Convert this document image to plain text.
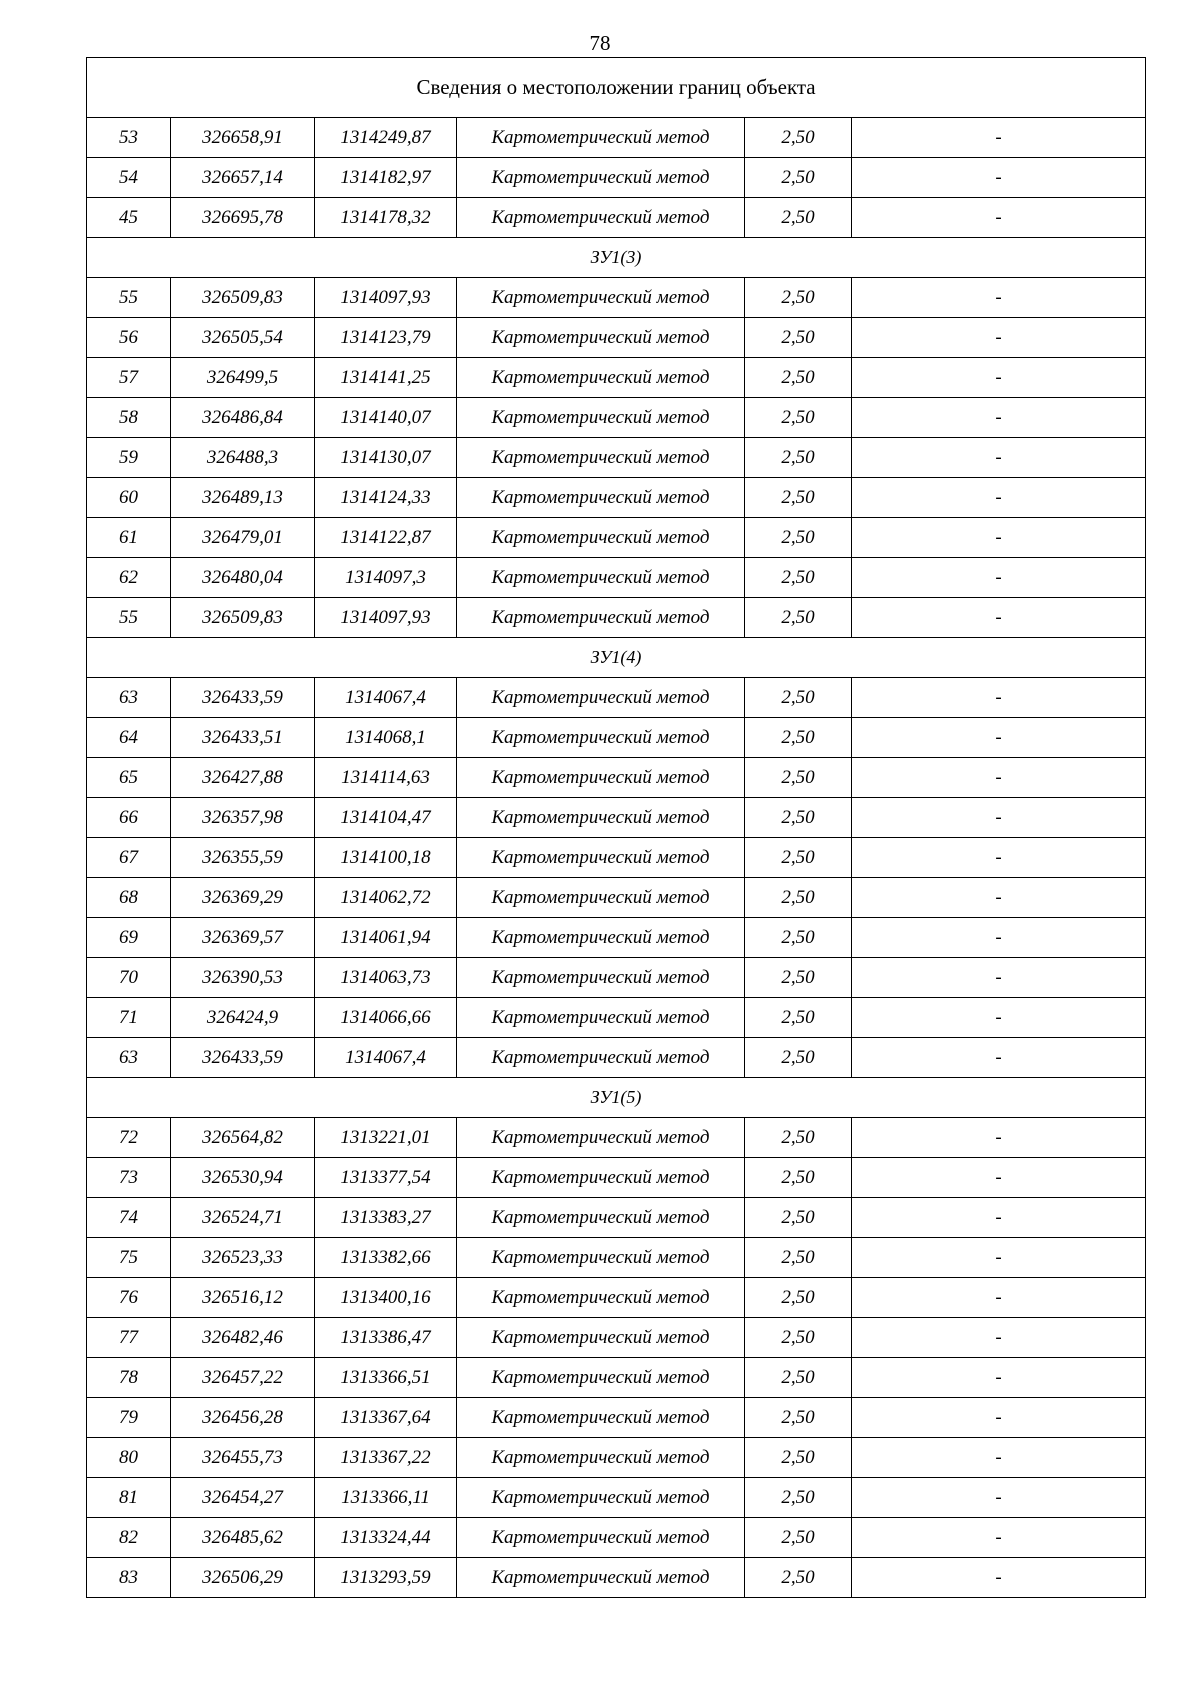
78
Сведения о местоположении границ объекта					
53	326658,91	1314249,87	Картометрический метод	2,50	-
54	326657,14	1314182,97	Картометрический метод	2,50	-
45	326695,78	1314178,32	Картометрический метод	2,50	-
ЗУ1(3)					
55	326509,83	1314097,93	Картометрический метод	2,50	-
56	326505,54	1314123,79	Картометрический метод	2,50	-
57	326499,5	1314141,25	Картометрический метод	2,50	-
58	326486,84	1314140,07	Картометрический метод	2,50	-
59	326488,3	1314130,07	Картометрический метод	2,50	-
60	326489,13	1314124,33	Картометрический метод	2,50	-
61	326479,01	1314122,87	Картометрический метод	2,50	-
62	326480,04	1314097,3	Картометрический метод	2,50	-
55	326509,83	1314097,93	Картометрический метод	2,50	-
ЗУ1(4)					
63	326433,59	1314067,4	Картометрический метод	2,50	-
64	326433,51	1314068,1	Картометрический метод	2,50	-
65	326427,88	1314114,63	Картометрический метод	2,50	-
66	326357,98	1314104,47	Картометрический метод	2,50	-
67	326355,59	1314100,18	Картометрический метод	2,50	-
68	326369,29	1314062,72	Картометрический метод	2,50	-
69	326369,57	1314061,94	Картометрический метод	2,50	-
70	326390,53	1314063,73	Картометрический метод	2,50	-
71	326424,9	1314066,66	Картометрический метод	2,50	-
63	326433,59	1314067,4	Картометрический метод	2,50	-
ЗУ1(5)					
72	326564,82	1313221,01	Картометрический метод	2,50	-
73	326530,94	1313377,54	Картометрический метод	2,50	-
74	326524,71	1313383,27	Картометрический метод	2,50	-
75	326523,33	1313382,66	Картометрический метод	2,50	-
76	326516,12	1313400,16	Картометрический метод	2,50	-
77	326482,46	1313386,47	Картометрический метод	2,50	-
78	326457,22	1313366,51	Картометрический метод	2,50	-
79	326456,28	1313367,64	Картометрический метод	2,50	-
80	326455,73	1313367,22	Картометрический метод	2,50	-
81	326454,27	1313366,11	Картометрический метод	2,50	-
82	326485,62	1313324,44	Картометрический метод	2,50	-
83	326506,29	1313293,59	Картометрический метод	2,50	-
